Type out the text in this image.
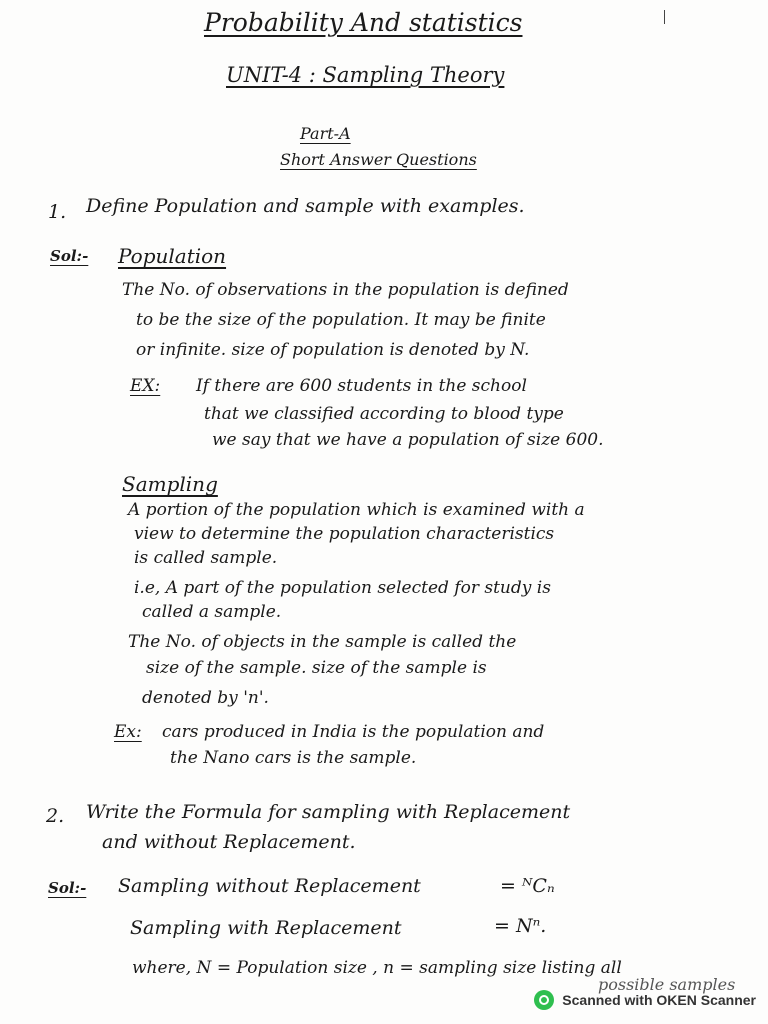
Probability And statistics
UNIT-4 : Sampling Theory
Part-A
Short Answer Questions
1. Define Population and sample with examples.
Sol:- Population
The No. of observations in the population is defined
to be the size of the population. It may be finite
or infinite. size of population is denoted by N.
EX: If there are 600 students in the school
that we classified according to blood type
we say that we have a population of size 600.
Sampling
A portion of the population which is examined with a
view to determine the population characteristics
is called sample.
i.e, A part of the population selected for study is
called a sample.
The No. of objects in the sample is called the
size of the sample. size of the sample is
denoted by 'n'.
Ex: cars produced in India is the population and
the Nano cars is the sample.
2. Write the Formula for sampling with Replacement
and without Replacement.
Sol:- Sampling without Replacement	= ᴺCₙ
Sampling with Replacement	= Nⁿ.
where, N = Population size , n = sampling size listing all
possible samples
Scanned with OKEN Scanner
